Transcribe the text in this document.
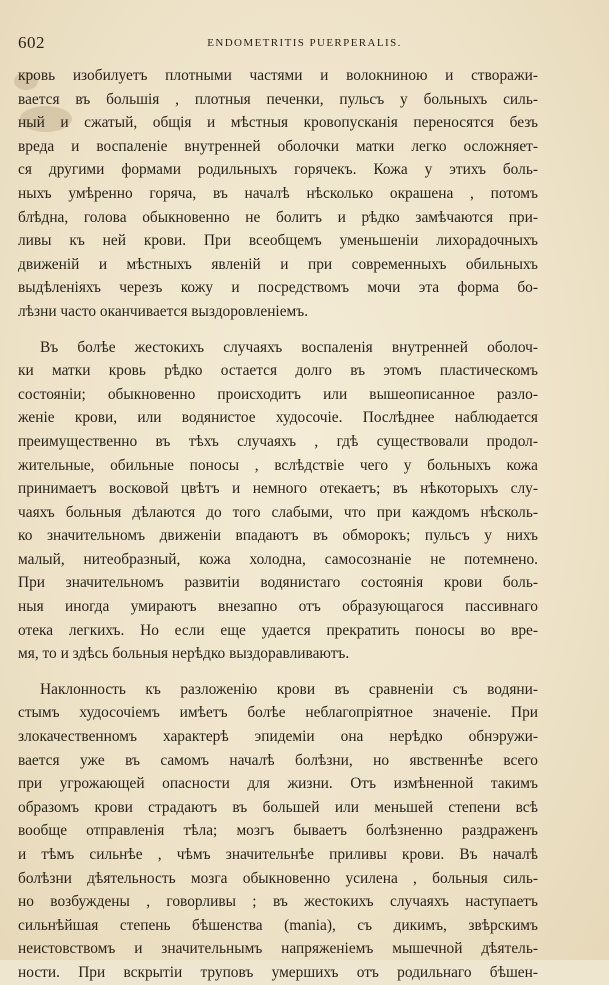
602	ENDOMETRITIS PUERPERALIS.
кровь изобилуетъ плотными частями и волокниною и створажи-
вается въ большія , плотныя печенки, пульсъ у больныхъ силь-
ный и сжатый, общія и мѣстныя кровопусканія переносятся безъ
вреда и воспаленіе внутренней оболочки матки легко осложняет-
ся другими формами родильныхъ горячекъ. Кожа у этихъ боль-
ныхъ умѣренно горяча, въ началѣ нѣсколько окрашена , потомъ
блѣдна, голова обыкновенно не болитъ и рѣдко замѣчаются при-
ливы къ ней крови. При всеобщемъ уменьшеніи лихорадочныхъ
движеній и мѣстныхъ явленій и при современныхъ обильныхъ
выдѣленіяхъ черезъ кожу и посредствомъ мочи эта форма бо-
лѣзни часто оканчивается выздоровленіемъ.
Въ болѣе жестокихъ случаяхъ воспаленія внутренней оболоч-
ки матки кровь рѣдко остается долго въ этомъ пластическомъ
состояніи; обыкновенно происходитъ или вышеописанное разло-
женіе крови, или водянистое худосочіе. Послѣднее наблюдается
преимущественно въ тѣхъ случаяхъ , гдѣ существовали продол-
жительные, обильные поносы , вслѣдствіе чего у больныхъ кожа
принимаетъ восковой цвѣтъ и немного отекаетъ; въ нѣкоторыхъ слу-
чаяхъ больныя дѣлаются до того слабыми, что при каждомъ нѣсколь-
ко значительномъ движеніи впадаютъ въ обморокъ; пульсъ у нихъ
малый, нитеобразный, кожа холодна, самосознаніе не потемнено.
При значительномъ развитіи водянистаго состоянія крови боль-
ныя иногда умираютъ внезапно отъ образующагося пассивнаго
отека легкихъ. Но если еще удается прекратить поносы во вре-
мя, то и здѣсь больныя нерѣдко выздоравливаютъ.
Наклонность къ разложенію крови въ сравненіи съ водяни-
стымъ худосочіемъ имѣетъ болѣе неблагопріятное значеніе. При
злокачественномъ характерѣ эпидеміи она нерѣдко обнэружи-
вается уже въ самомъ началѣ болѣзни, но явственнѣе всего
при угрожающей опасности для жизни. Отъ измѣненной такимъ
образомъ крови страдаютъ въ большей или меньшей степени всѣ
вообще отправленія тѣла; мозгъ бываетъ болѣзненно раздраженъ
и тѣмъ сильнѣе , чѣмъ значительнѣе приливы крови. Въ началѣ
болѣзни дѣятельность мозга обыкновенно усилена , больныя силь-
но возбуждены , говорливы ; въ жестокихъ случаяхъ наступаетъ
сильнѣйшая степень бѣшенства (mania), съ дикимъ, звѣрскимъ
неистовствомъ и значительнымъ напряженіемъ мышечной дѣятель-
ности. При вскрытіи труповъ умершихъ отъ родильнаго бѣшен-
